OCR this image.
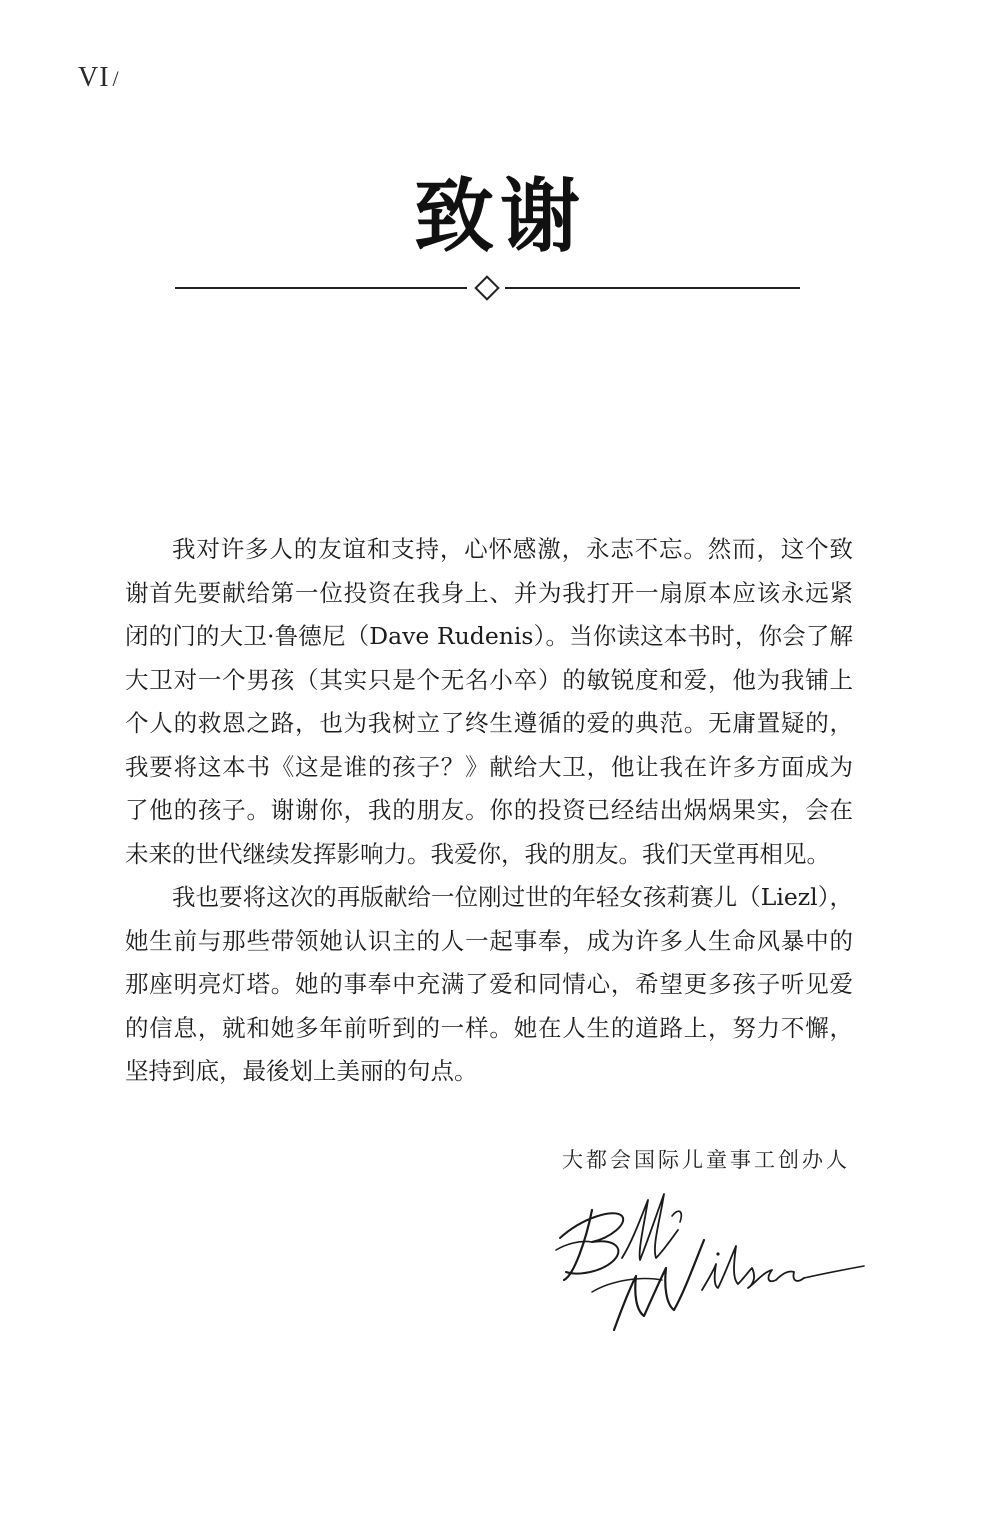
VI /
致谢

我对许多人的友谊和支持，心怀感激，永志不忘。然而，这个致谢首先要献给第一位投资在我身上、并为我打开一扇原本应该永远紧闭的门的大卫·鲁德尼（Dave Rudenis）。当你读这本书时，你会了解大卫对一个男孩（其实只是个无名小卒）的敏锐度和爱，他为我铺上个人的救恩之路，也为我树立了终生遵循的爱的典范。无庸置疑的，我要将这本书《这是谁的孩子？》献给大卫，他让我在许多方面成为了他的孩子。谢谢你，我的朋友。你的投资已经结出㶽㶽果实，会在未来的世代继续发挥影响力。我爱你，我的朋友。我们天堂再相见。

我也要将这次的再版献给一位刚过世的年轻女孩莉赛儿（Liezl），她生前与那些带领她认识主的人一起事奉，成为许多人生命风暴中的那座明亮灯塔。她的事奉中充满了爱和同情心，希望更多孩子听见爱的信息，就和她多年前听到的一样。她在人生的道路上，努力不懈，坚持到底，最後划上美丽的句点。

大都会国际儿童事工创办人
